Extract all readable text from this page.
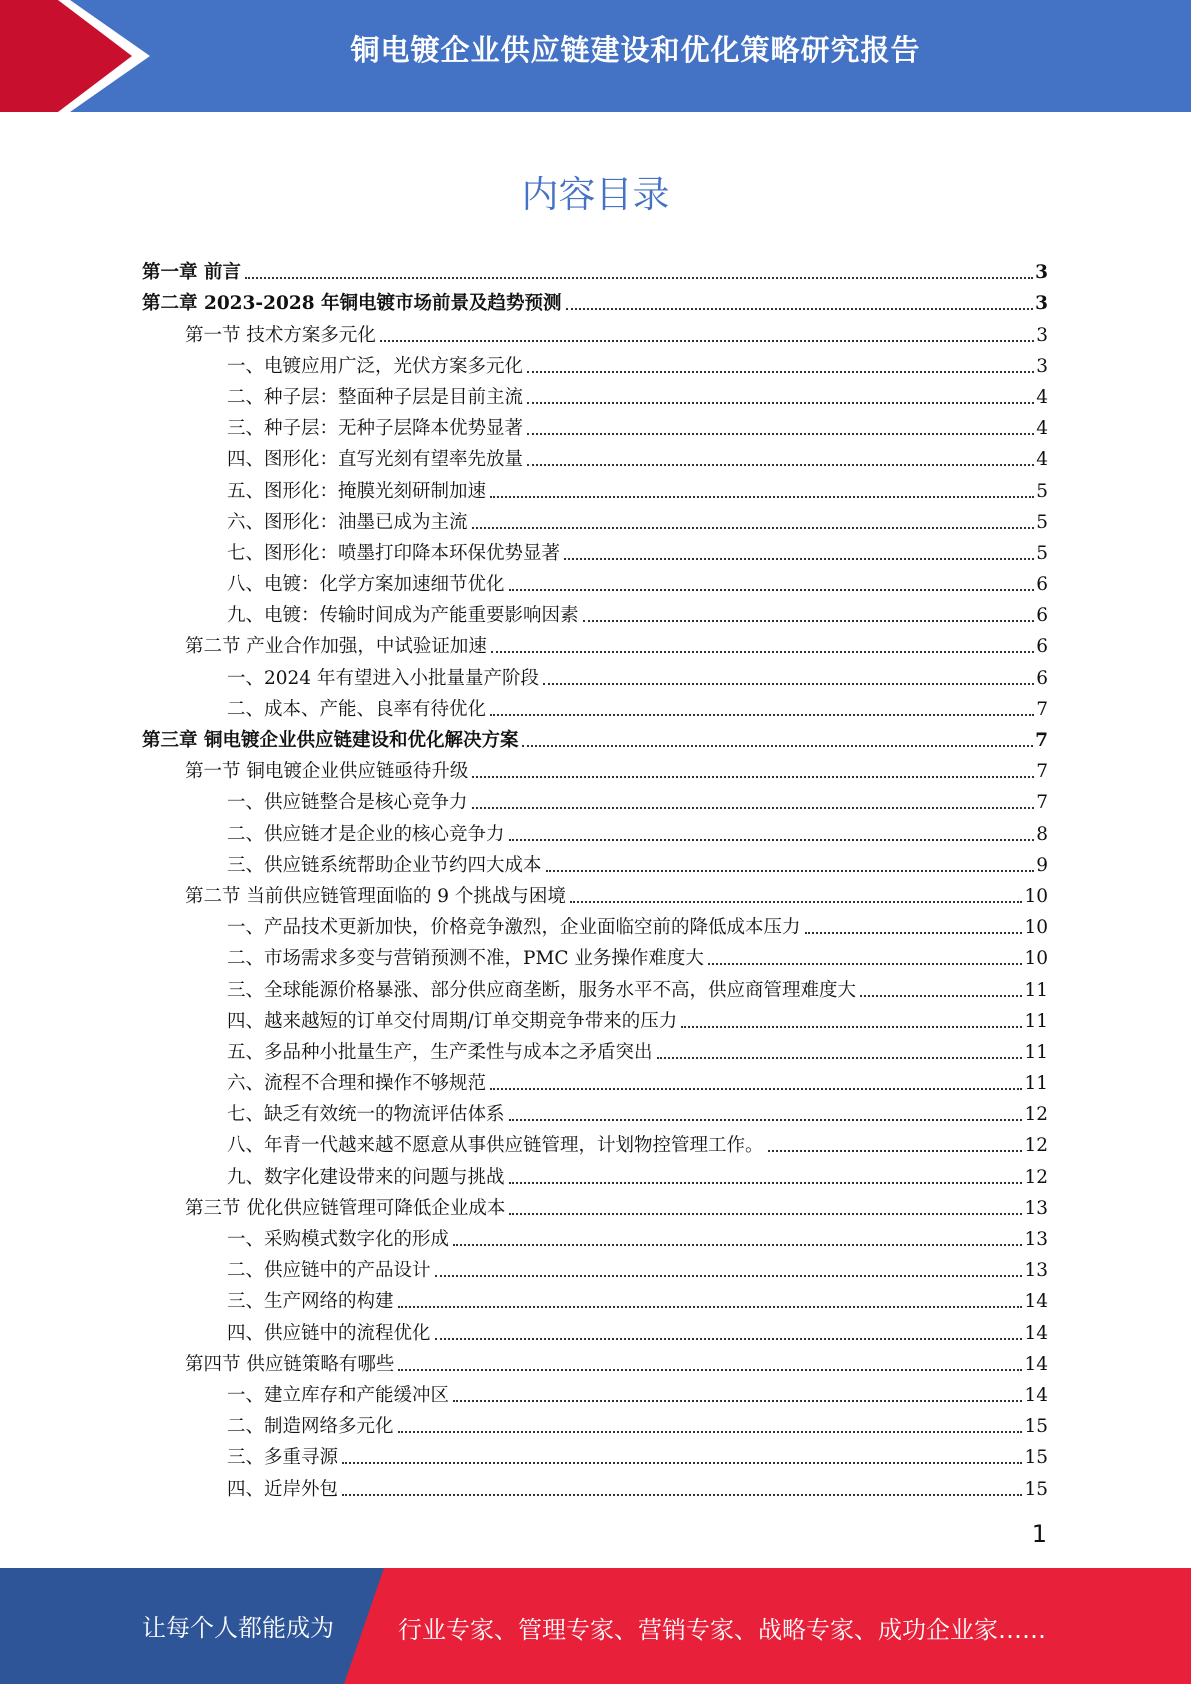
铜电镀企业供应链建设和优化策略研究报告
内容目录
第一章 前言	3
第二章 2023-2028 年铜电镀市场前景及趋势预测	3
第一节 技术方案多元化	3
一、电镀应用广泛，光伏方案多元化	3
二、种子层：整面种子层是目前主流	4
三、种子层：无种子层降本优势显著	4
四、图形化：直写光刻有望率先放量	4
五、图形化：掩膜光刻研制加速	5
六、图形化：油墨已成为主流	5
七、图形化：喷墨打印降本环保优势显著	5
八、电镀：化学方案加速细节优化	6
九、电镀：传输时间成为产能重要影响因素	6
第二节 产业合作加强，中试验证加速	6
一、2024 年有望进入小批量量产阶段	6
二、成本、产能、良率有待优化	7
第三章 铜电镀企业供应链建设和优化解决方案	7
第一节 铜电镀企业供应链亟待升级	7
一、供应链整合是核心竞争力	7
二、供应链才是企业的核心竞争力	8
三、供应链系统帮助企业节约四大成本	9
第二节 当前供应链管理面临的 9 个挑战与困境	10
一、产品技术更新加快，价格竞争激烈，企业面临空前的降低成本压力	10
二、市场需求多变与营销预测不准，PMC 业务操作难度大	10
三、全球能源价格暴涨、部分供应商垄断，服务水平不高，供应商管理难度大	11
四、越来越短的订单交付周期/订单交期竞争带来的压力	11
五、多品种小批量生产，生产柔性与成本之矛盾突出	11
六、流程不合理和操作不够规范	11
七、缺乏有效统一的物流评估体系	12
八、年青一代越来越不愿意从事供应链管理，计划物控管理工作。	12
九、数字化建设带来的问题与挑战	12
第三节 优化供应链管理可降低企业成本	13
一、采购模式数字化的形成	13
二、供应链中的产品设计	13
三、生产网络的构建	14
四、供应链中的流程优化	14
第四节 供应链策略有哪些	14
一、建立库存和产能缓冲区	14
二、制造网络多元化	15
三、多重寻源	15
四、近岸外包	15
1
让每个人都能成为	行业专家、管理专家、营销专家、战略专家、成功企业家……
